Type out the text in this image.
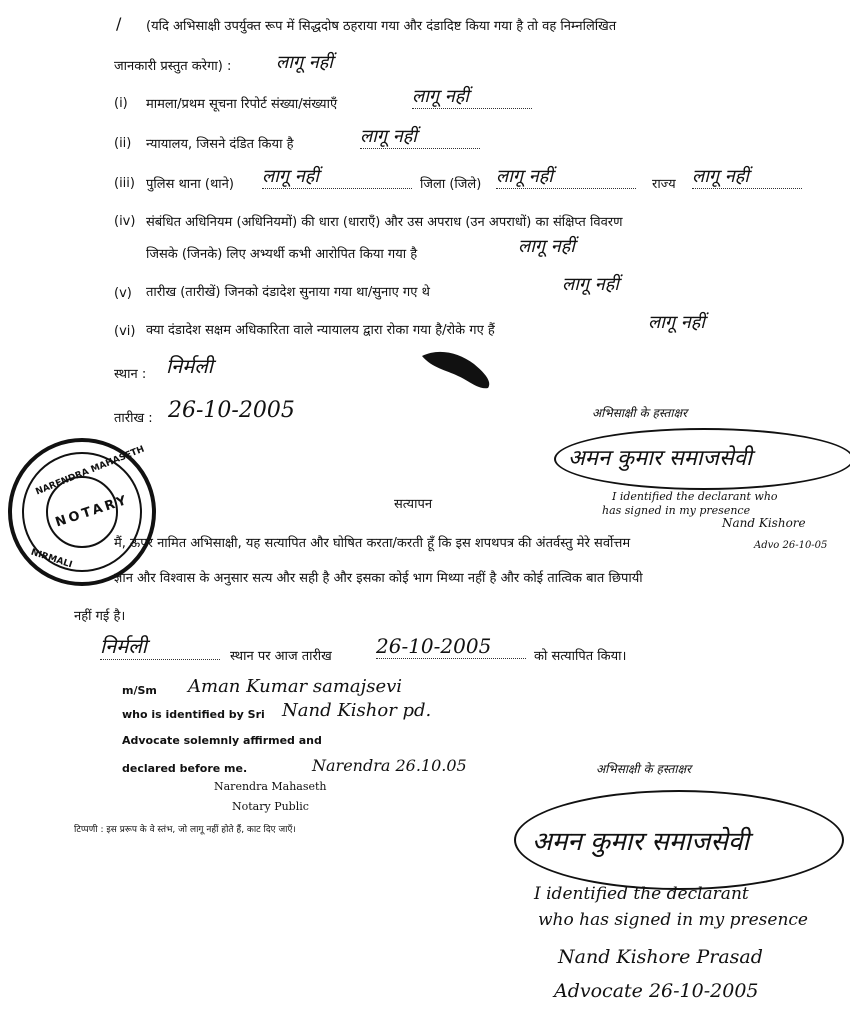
/ (यदि अभिसाक्षी उपर्युक्त रूप में सिद्धदोष ठहराया गया और दंडादिष्ट किया गया है तो वह निम्नलिखित
जानकारी प्रस्तुत करेगा) : लागू नहीं
(i) मामला/प्रथम सूचना रिपोर्ट संख्या/संख्याएँ	लागू नहीं
(ii) न्यायालय, जिसने दंडित किया है	लागू नहीं
(iii) पुलिस थाना (थाने) लागू नहीं	जिला (जिले) लागू नहीं	राज्य लागू नहीं
(iv) संबंधित अधिनियम (अधिनियमों) की धारा (धाराएँ) और उस अपराध (उन अपराधों) का संक्षिप्त विवरण
जिसके (जिनके) लिए अभ्यर्थी कभी आरोपित किया गया है	लागू नहीं
(v) तारीख (तारीखें) जिनको दंडादेश सुनाया गया था/सुनाए गए थे	लागू नहीं
(vi) क्या दंडादेश सक्षम अधिकारिता वाले न्यायालय द्वारा रोका गया है/रोके गए हैं	लागू नहीं
स्थान : निर्मली
तारीख : 26-10-2005	अभिसाक्षी के हस्ताक्षर
अमन कुमार समाजसेवी
I identified the declarant who
has signed in my presence
Nand Kishore
Advo 26-10-05
NARENDRA MAHASETH
NOTARY
NIRMALI
सत्यापन
मैं, ऊपर नामित अभिसाक्षी, यह सत्यापित और घोषित करता/करती हूँ कि इस शपथपत्र की अंतर्वस्तु मेरे सर्वोत्तम
ज्ञान और विश्वास के अनुसार सत्य और सही है और इसका कोई भाग मिथ्या नहीं है और कोई तात्विक बात छिपायी
नहीं गई है।
निर्मली	स्थान पर आज तारीख 26-10-2005	को सत्यापित किया।
m/Sm Aman Kumar samajsevi
who is identified by Sri Nand Kishor pd.
Advocate solemnly affirmed and
declared before me.	Narendra 26.10.05
Narendra Mahaseth
Notary Public
टिप्पणी : इस प्ररूप के वे स्तंभ, जो लागू नहीं होते हैं, काट दिए जाएँ।
अभिसाक्षी के हस्ताक्षर
अमन कुमार समाजसेवी
I identified the declarant
who has signed in my presence
Nand Kishore Prasad
Advocate 26-10-2005
